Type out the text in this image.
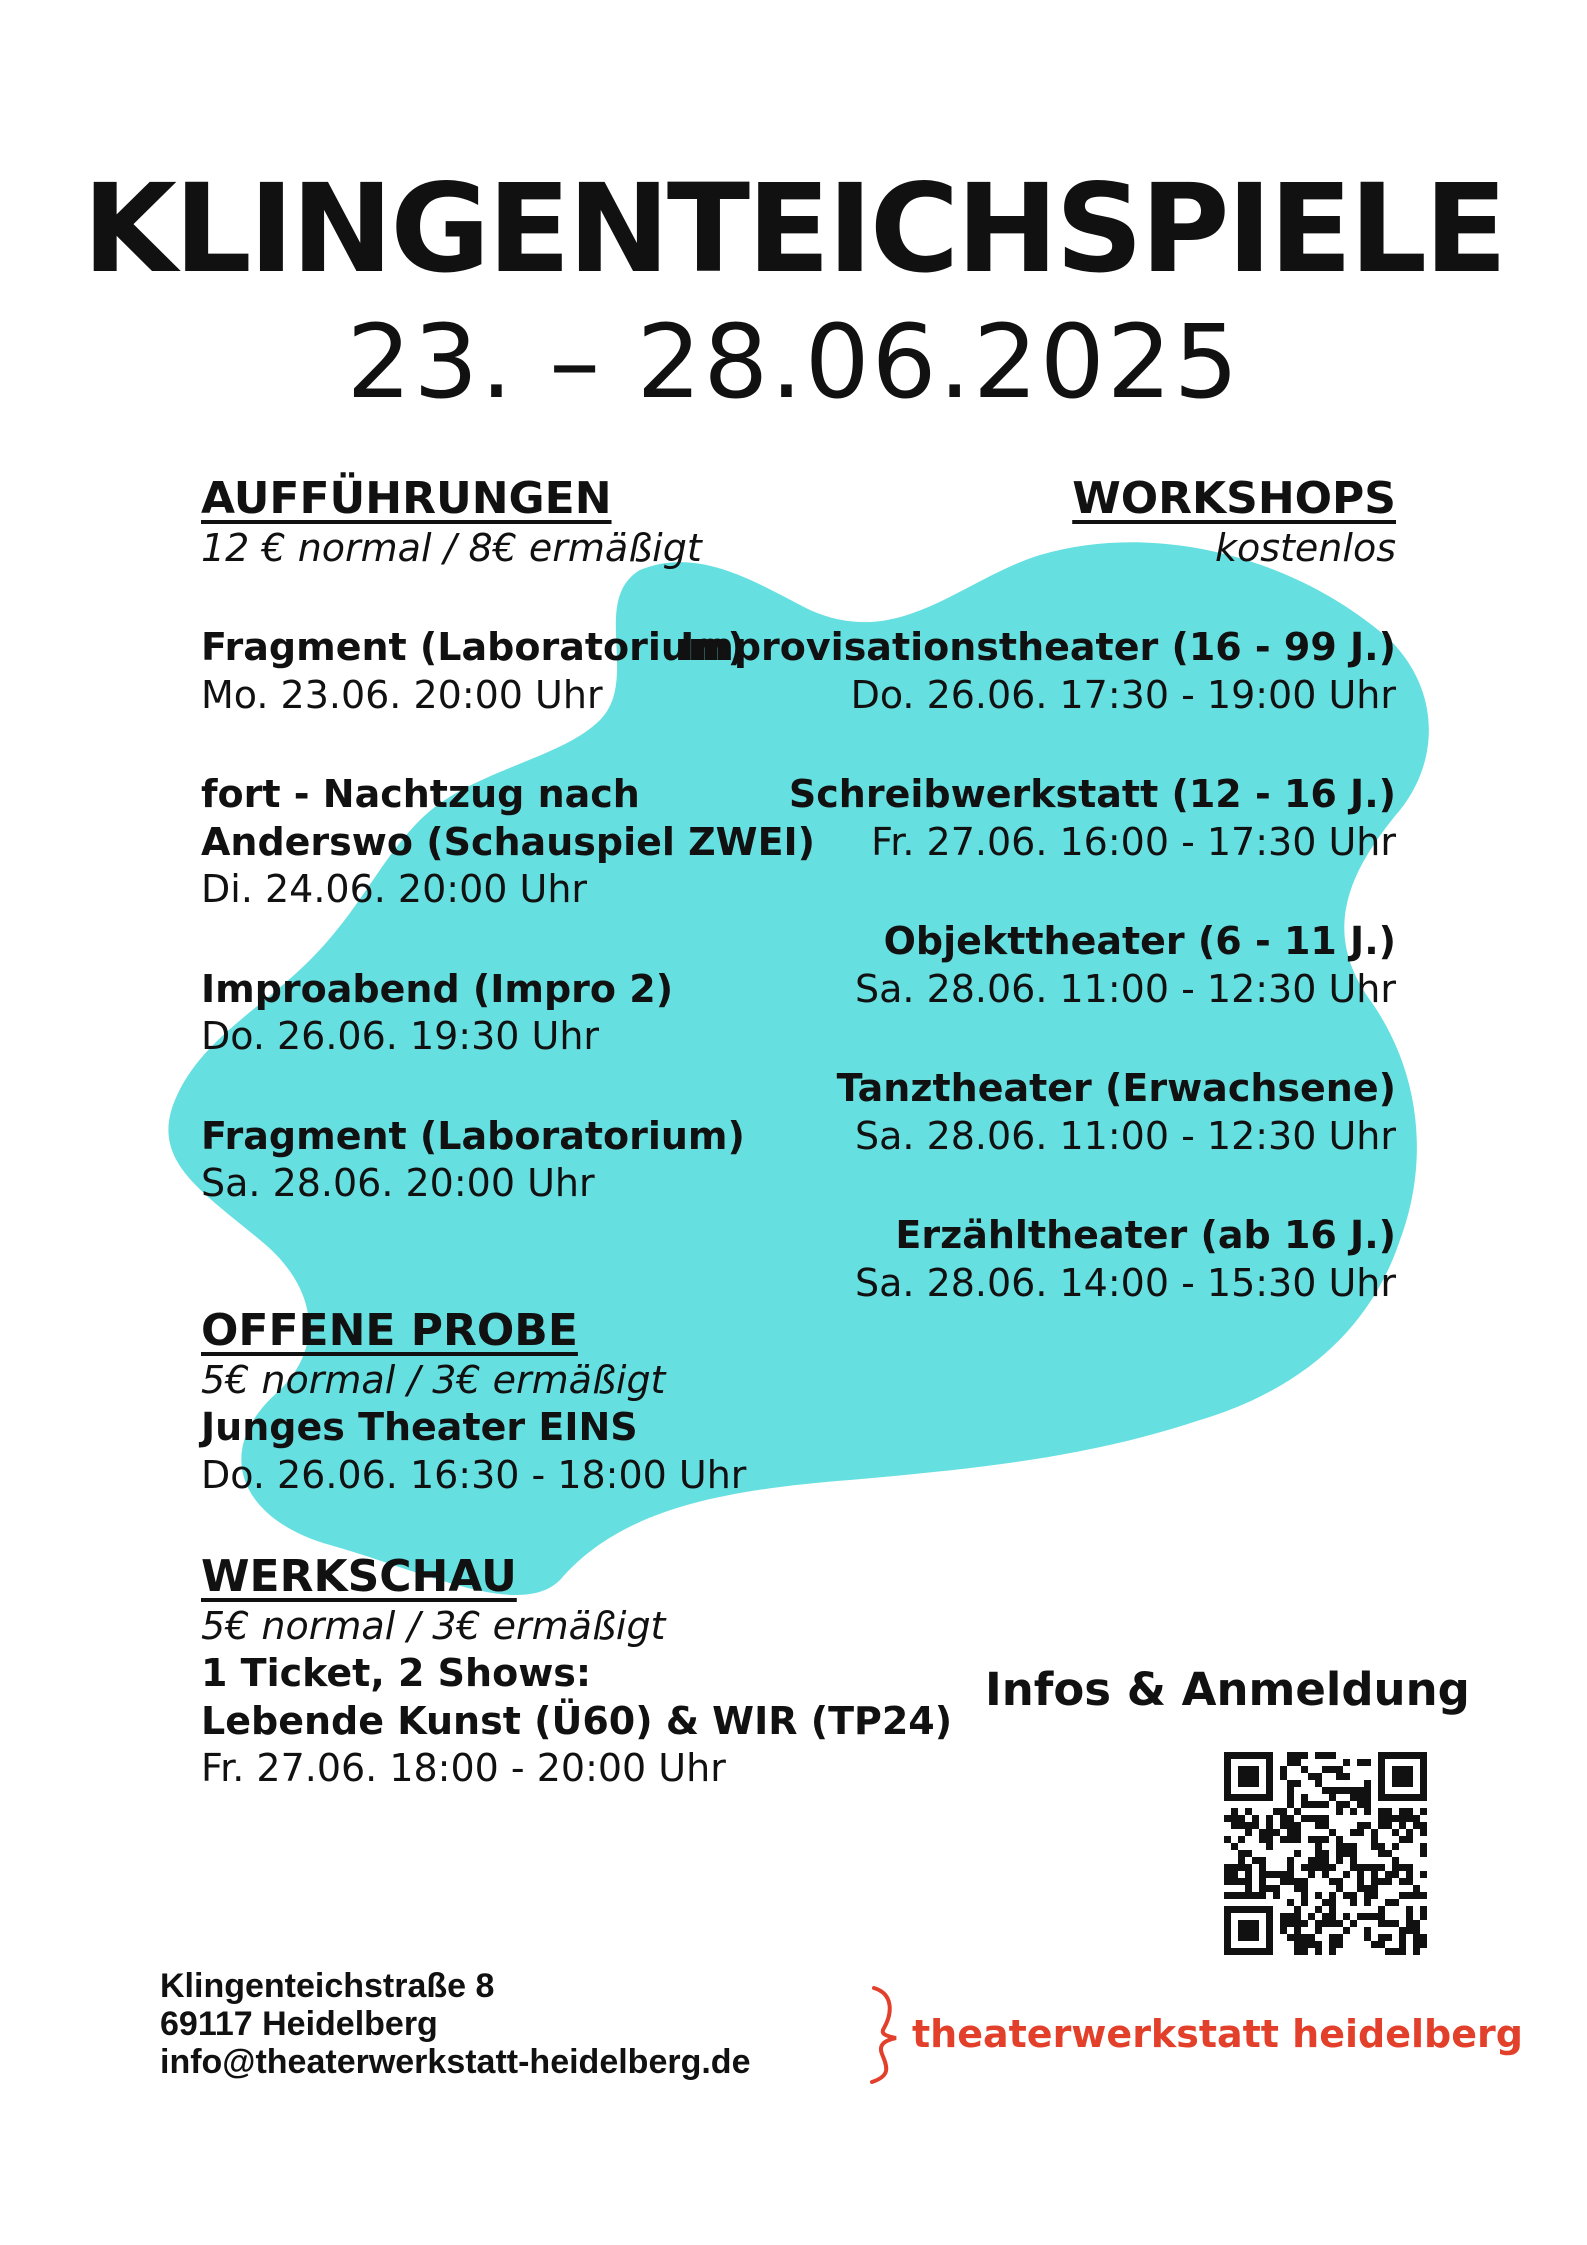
KLINGENTEICHSPIELE
23. – 28.06.2025
AUFFÜHRUNGEN
12 € normal / 8€ ermäßigt
Fragment (Laboratorium)
Mo. 23.06. 20:00 Uhr
fort - Nachtzug nach
Anderswo (Schauspiel ZWEI)
Di. 24.06. 20:00 Uhr
Improabend (Impro 2)
Do. 26.06. 19:30 Uhr
Fragment (Laboratorium)
Sa. 28.06. 20:00 Uhr
WORKSHOPS
kostenlos
Improvisationstheater (16 - 99 J.)
Do. 26.06. 17:30 - 19:00 Uhr
Schreibwerkstatt (12 - 16 J.)
Fr. 27.06. 16:00 - 17:30 Uhr
Objekttheater (6 - 11 J.)
Sa. 28.06. 11:00 - 12:30 Uhr
Tanztheater (Erwachsene)
Sa. 28.06. 11:00 - 12:30 Uhr
Erzähltheater (ab 16 J.)
Sa. 28.06. 14:00 - 15:30 Uhr
OFFENE PROBE
5€ normal / 3€ ermäßigt
Junges Theater EINS
Do. 26.06. 16:30 - 18:00 Uhr
WERKSCHAU
5€ normal / 3€ ermäßigt
1 Ticket, 2 Shows:
Lebende Kunst (Ü60) & WIR (TP24)
Fr. 27.06. 18:00 - 20:00 Uhr
Infos & Anmeldung
Klingenteichstraße 8
69117 Heidelberg
info@theaterwerkstatt-heidelberg.de
theaterwerkstatt heidelberg
